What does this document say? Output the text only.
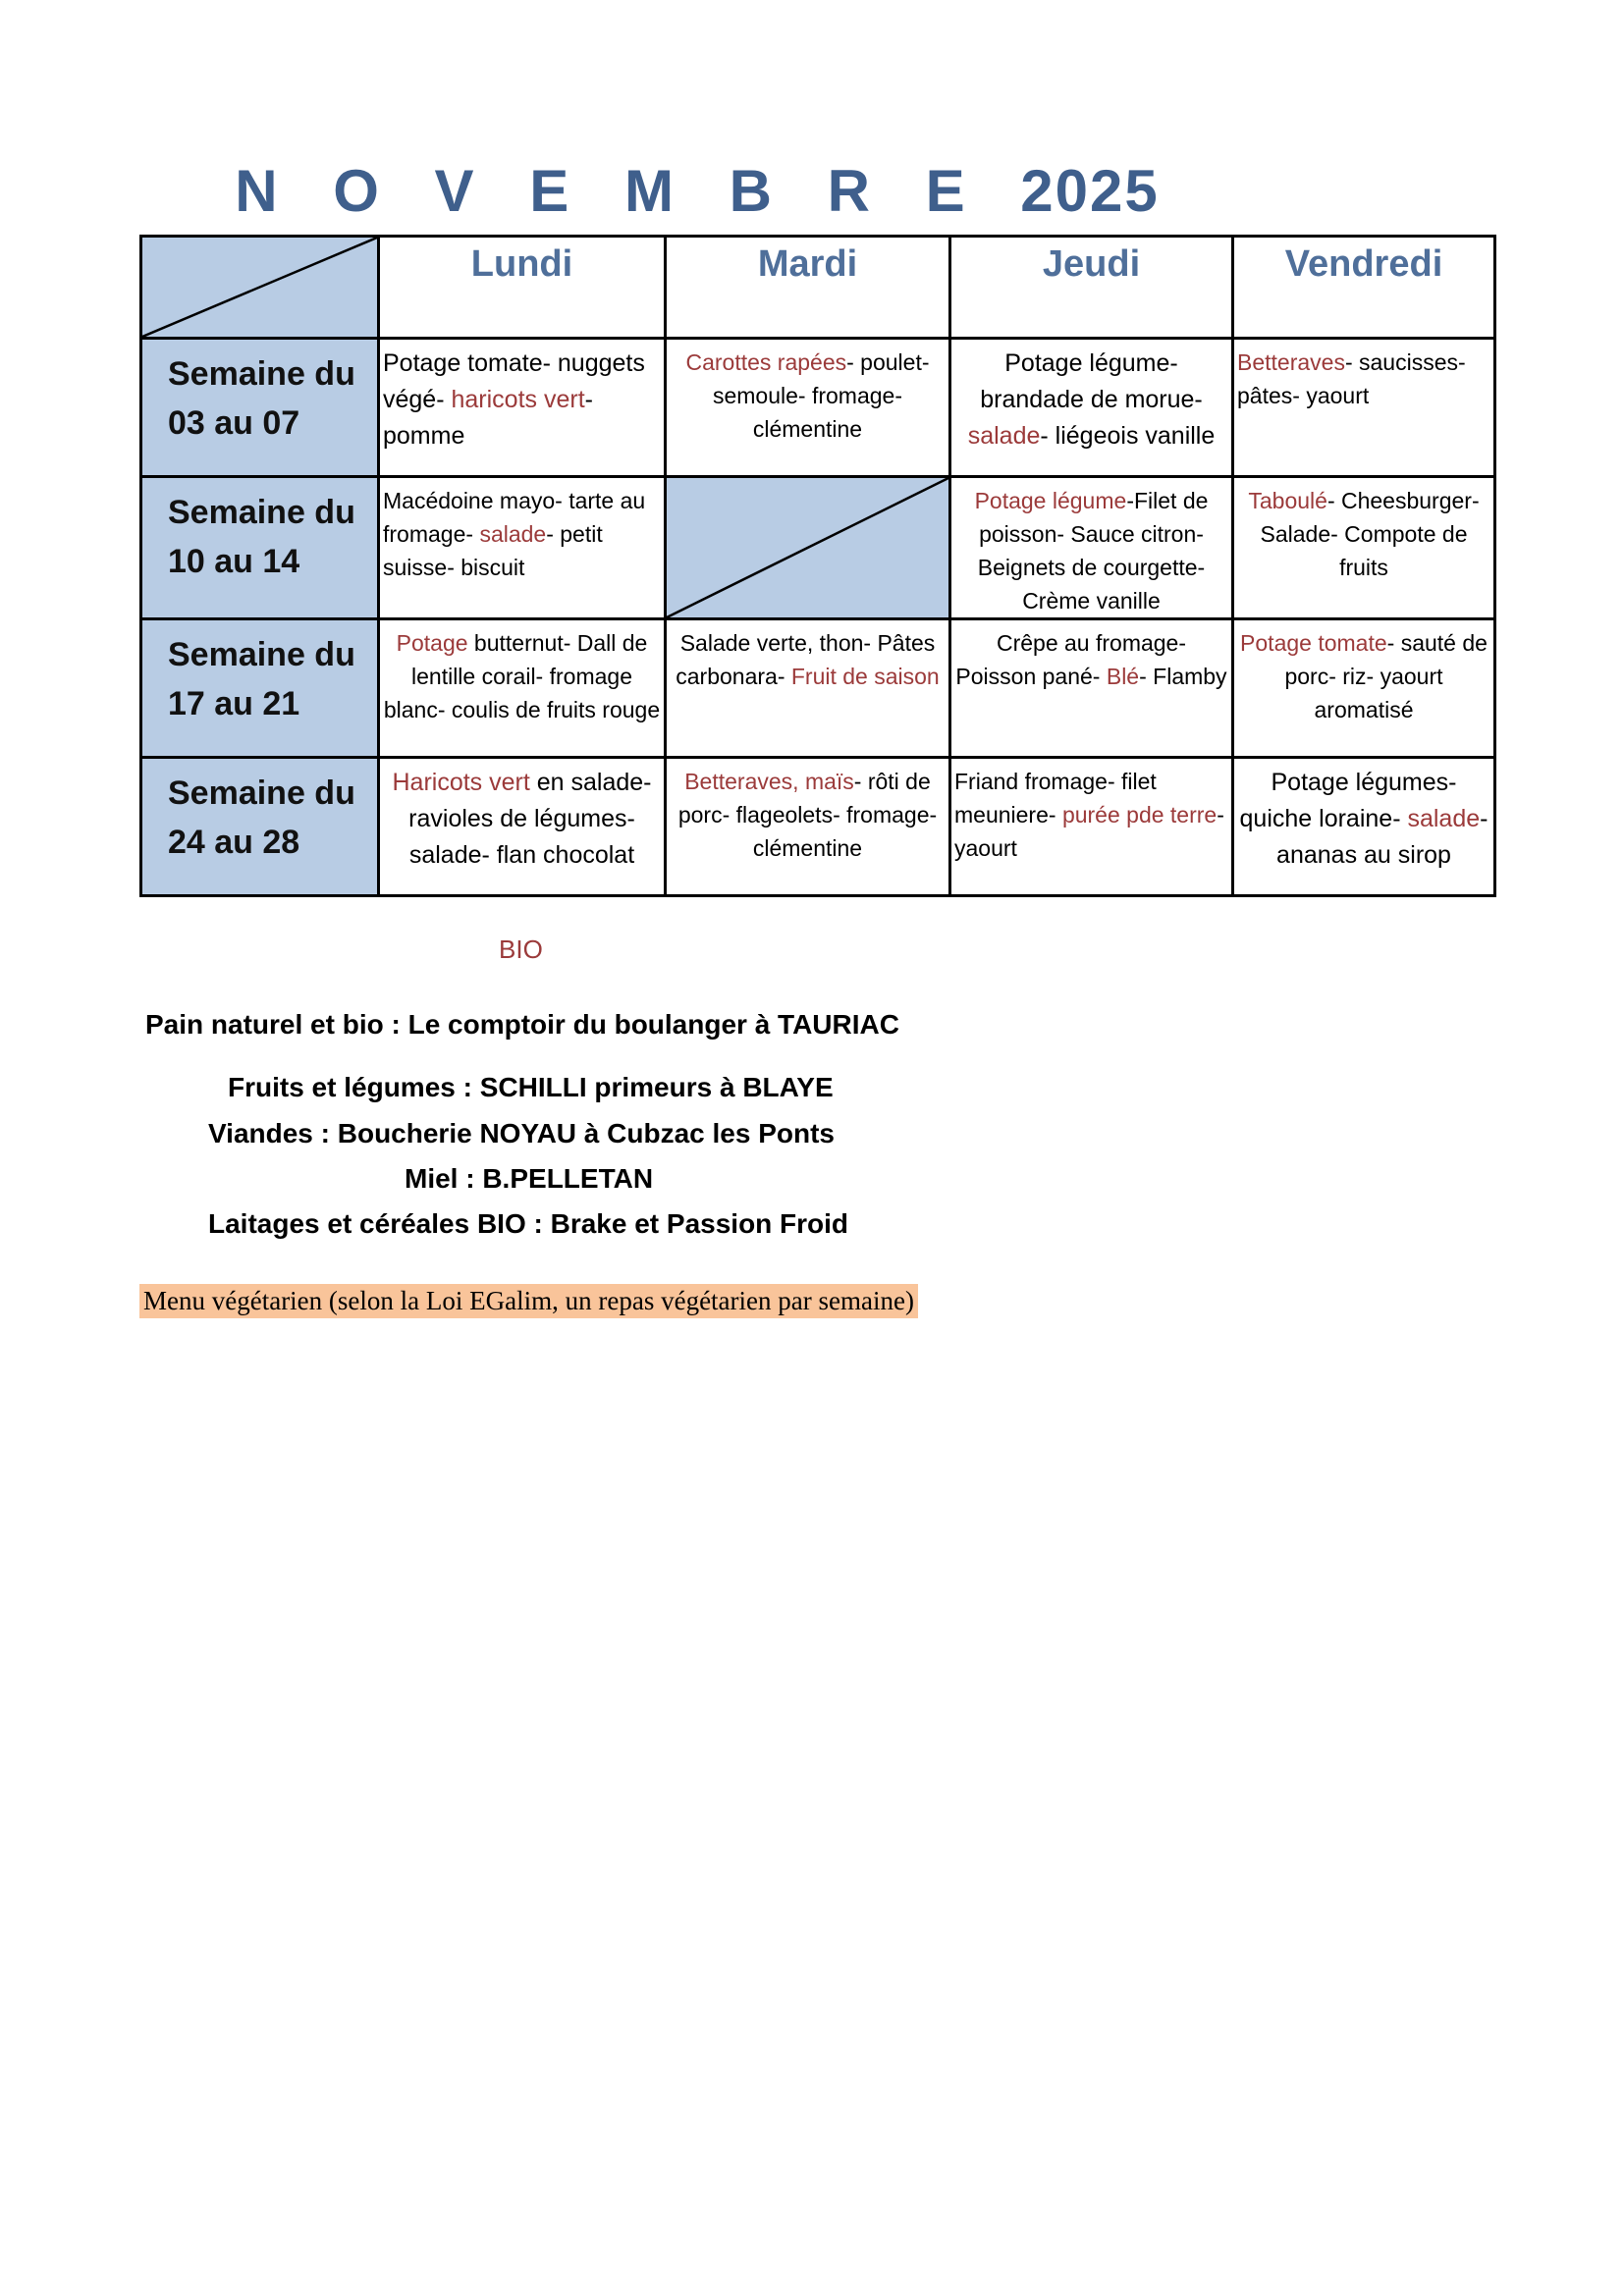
N O V E M B R E 2025
	Lundi	Mardi	Jeudi	Vendredi

Semaine du
03 au 07	Potage tomate- nuggets végé- haricots vert- pomme	Carottes rapées- poulet- semoule- fromage- clémentine	Potage légume- brandade de morue- salade- liégeois vanille	Betteraves- saucisses- pâtes- yaourt

Semaine du
10 au 14	Macédoine mayo- tarte au fromage- salade- petit suisse- biscuit		Potage légume-Filet de poisson- Sauce citron- Beignets de courgette- Crème vanille	Taboulé- Cheesburger- Salade- Compote de fruits

Semaine du
17 au 21	Potage butternut- Dall de lentille corail- fromage blanc- coulis de fruits rouge	Salade verte, thon- Pâtes carbonara- Fruit de saison	Crêpe au fromage- Poisson pané- Blé- Flamby	Potage tomate- sauté de porc- riz- yaourt aromatisé

Semaine du
24 au 28	Haricots vert en salade- ravioles de légumes- salade- flan chocolat	Betteraves, maïs- rôti de porc- flageolets- fromage- clémentine	Friand fromage- filet meuniere- purée pde terre- yaourt	Potage légumes- quiche loraine- salade- ananas au sirop
BIO
Pain naturel et bio : Le comptoir du boulanger à TAURIAC
Fruits et légumes : SCHILLI primeurs à BLAYE
Viandes : Boucherie NOYAU à Cubzac les Ponts
Miel : B.PELLETAN
Laitages et céréales BIO : Brake et Passion Froid
Menu végétarien (selon la Loi EGalim, un repas végétarien par semaine)
